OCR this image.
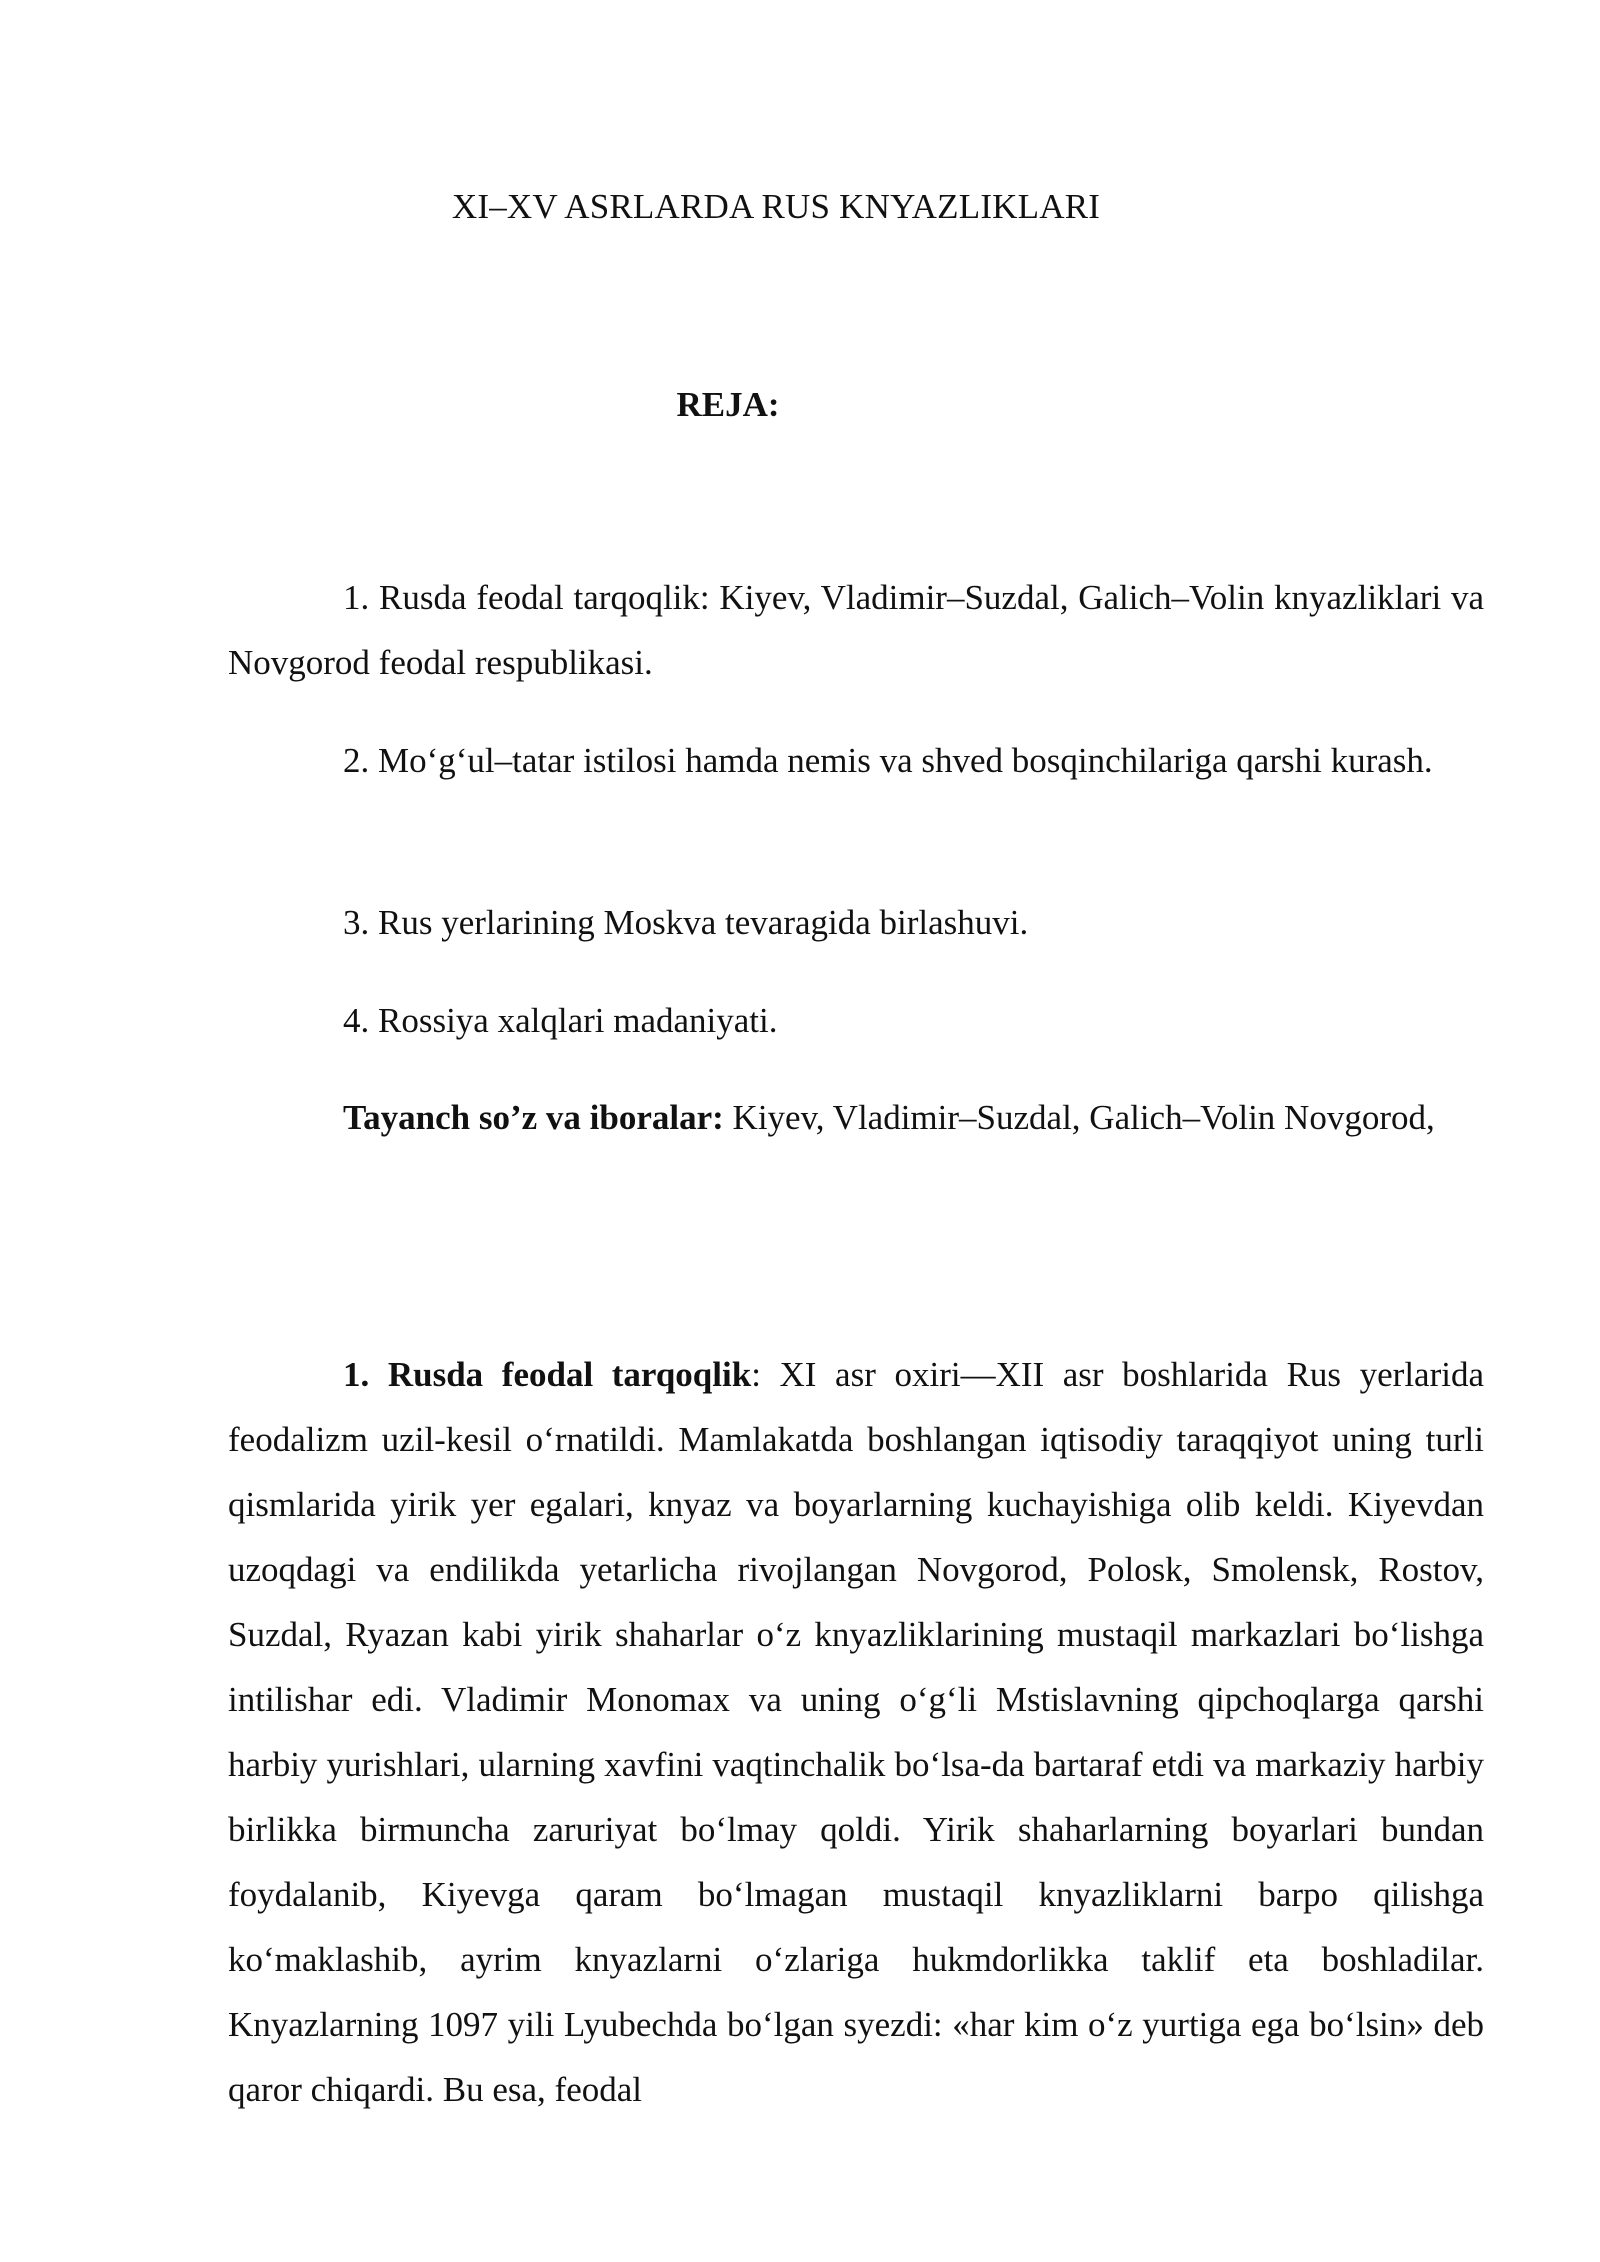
XI–XV ASRLARDA RUS KNYAZLIKLARI
REJA:

1. Rusda feodal tarqoqlik: Kiyev, Vladimir–Suzdal, Galich–Volin knyazliklari va Novgorod feodal respublikasi.

2. Mo‘g‘ul–tatar istilosi hamda nemis va shved bosqinchilariga qarshi kurash.

3. Rus yerlarining Moskva tevaragida birlashuvi.

4. Rossiya xalqlari madaniyati.

Tayanch so’z va iboralar: Kiyev, Vladimir–Suzdal, Galich–Volin Novgorod,

1. Rusda feodal tarqoqlik: XI asr oxiri—XII asr boshlarida Rus yerlarida feodalizm uzil-kesil o‘rnatildi. Mamlakatda boshlangan iqtisodiy taraqqiyot uning turli qismlarida yirik yer egalari, knyaz va boyarlarning kuchayishiga olib keldi. Kiyevdan uzoqdagi va endilikda yetarlicha rivojlangan Novgorod, Polosk, Smolensk, Rostov, Suzdal, Ryazan kabi yirik shaharlar o‘z knyazliklarining mustaqil markazlari bo‘lishga intilishar edi. Vladimir Monomax va uning o‘g‘li Mstislavning qipchoqlarga qarshi harbiy yurishlari, ularning xavfini vaqtinchalik bo‘lsa-da bartaraf etdi va markaziy harbiy birlikka birmuncha zaruriyat bo‘lmay qoldi. Yirik shaharlarning boyarlari bundan foydalanib, Kiyevga qaram bo‘lmagan mustaqil knyazliklarni barpo qilishga ko‘maklashib, ayrim knyazlarni o‘zlariga hukmdorlikka taklif eta boshladilar. Knyazlarning 1097 yili Lyubechda bo‘lgan syezdi: «har kim o‘z yurtiga ega bo‘lsin» deb qaror chiqardi. Bu esa, feodal
